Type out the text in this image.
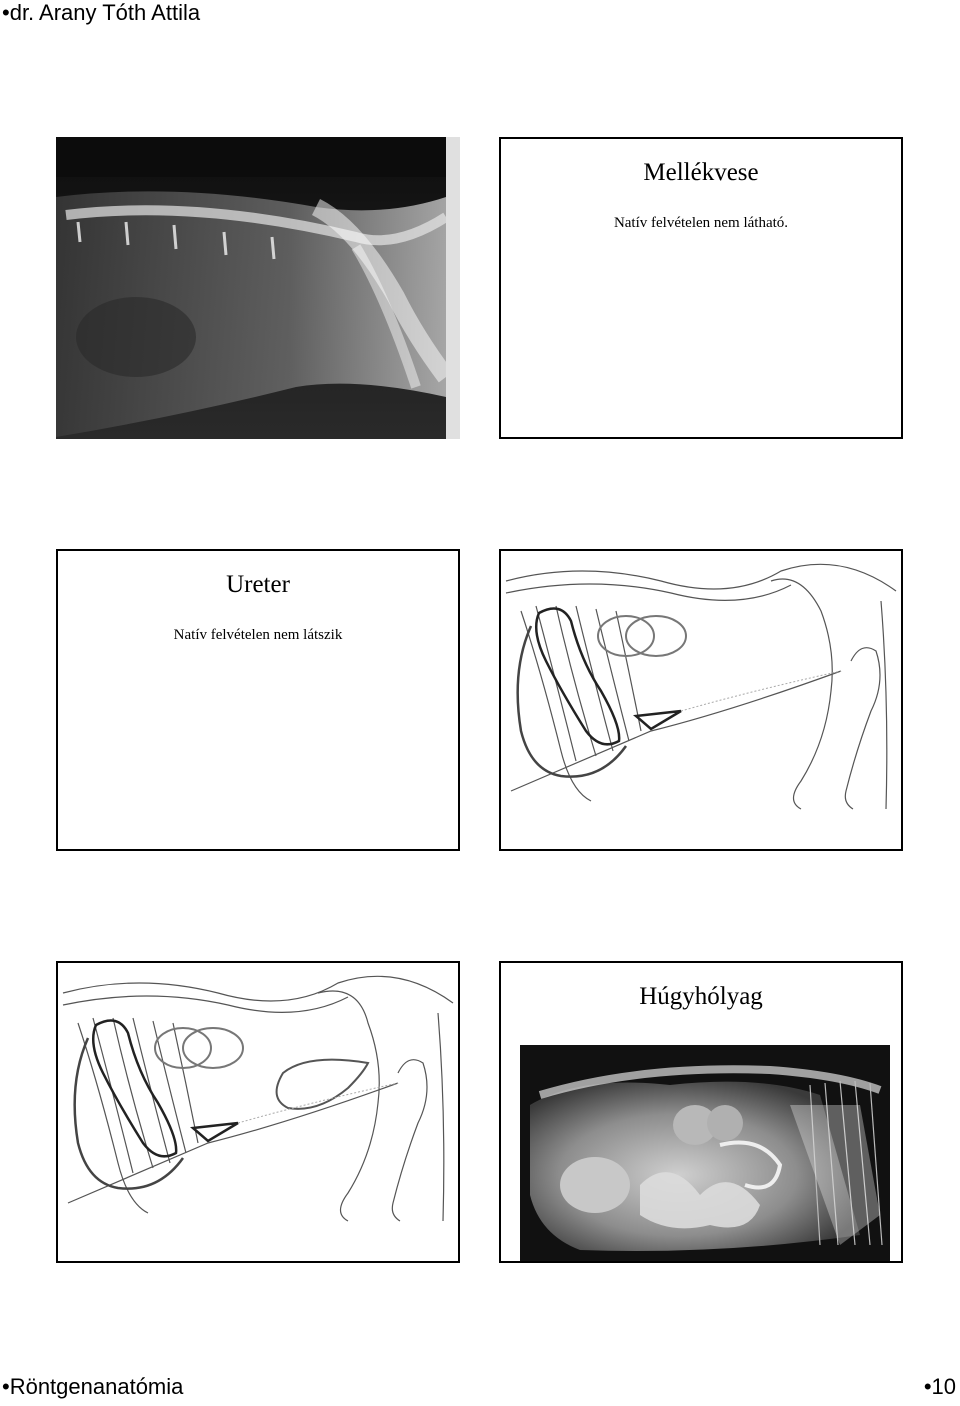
•dr. Arany Tóth Attila
Mellékvese
Natív felvételen nem látható.
Ureter
Natív felvételen nem látszik
Húgyhólyag
•Röntgenanatómia	•10
